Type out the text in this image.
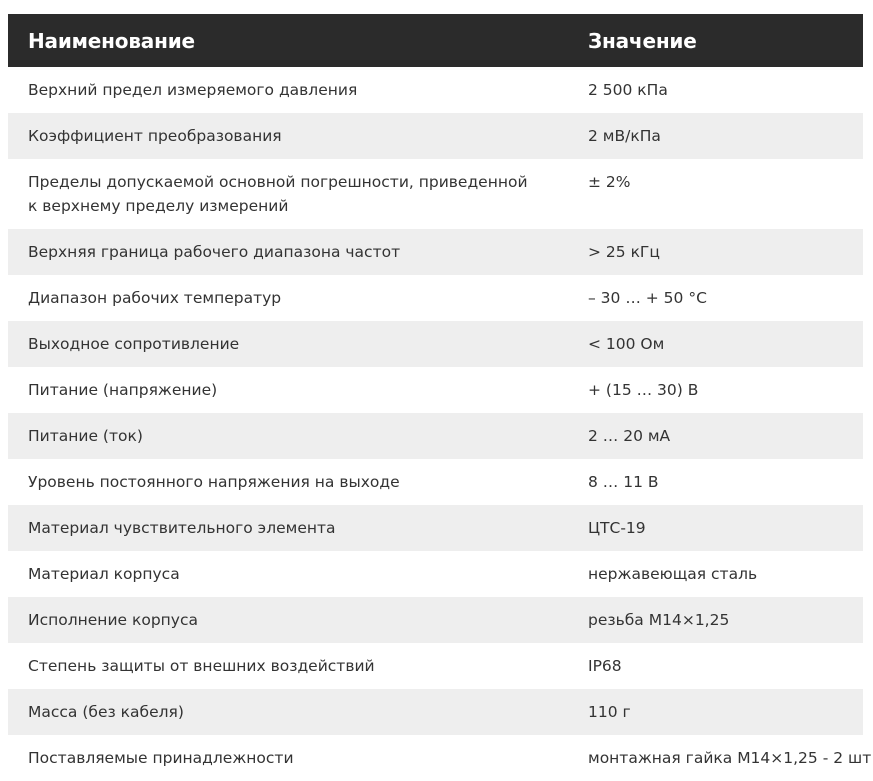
Наименование	Значение
Верхний предел измеряемого давления	2 500 кПа
Коэффициент преобразования	2 мВ/кПа
Пределы допускаемой основной погрешности, приведенной к верхнему пределу измерений	± 2%
Верхняя граница рабочего диапазона частот	> 25 кГц
Диапазон рабочих температур	– 30 … + 50 °С
Выходное сопротивление	< 100 Ом
Питание (напряжение)	+ (15 … 30) В
Питание (ток)	2 … 20 мА
Уровень постоянного напряжения на выходе	8 … 11 В
Материал чувствительного элемента	ЦТС-19
Материал корпуса	нержавеющая сталь
Исполнение корпуса	резьба М14×1,25
Степень защиты от внешних воздействий	IP68
Масса (без кабеля)	110 г
Поставляемые принадлежности	монтажная гайка М14×1,25 - 2 шт
